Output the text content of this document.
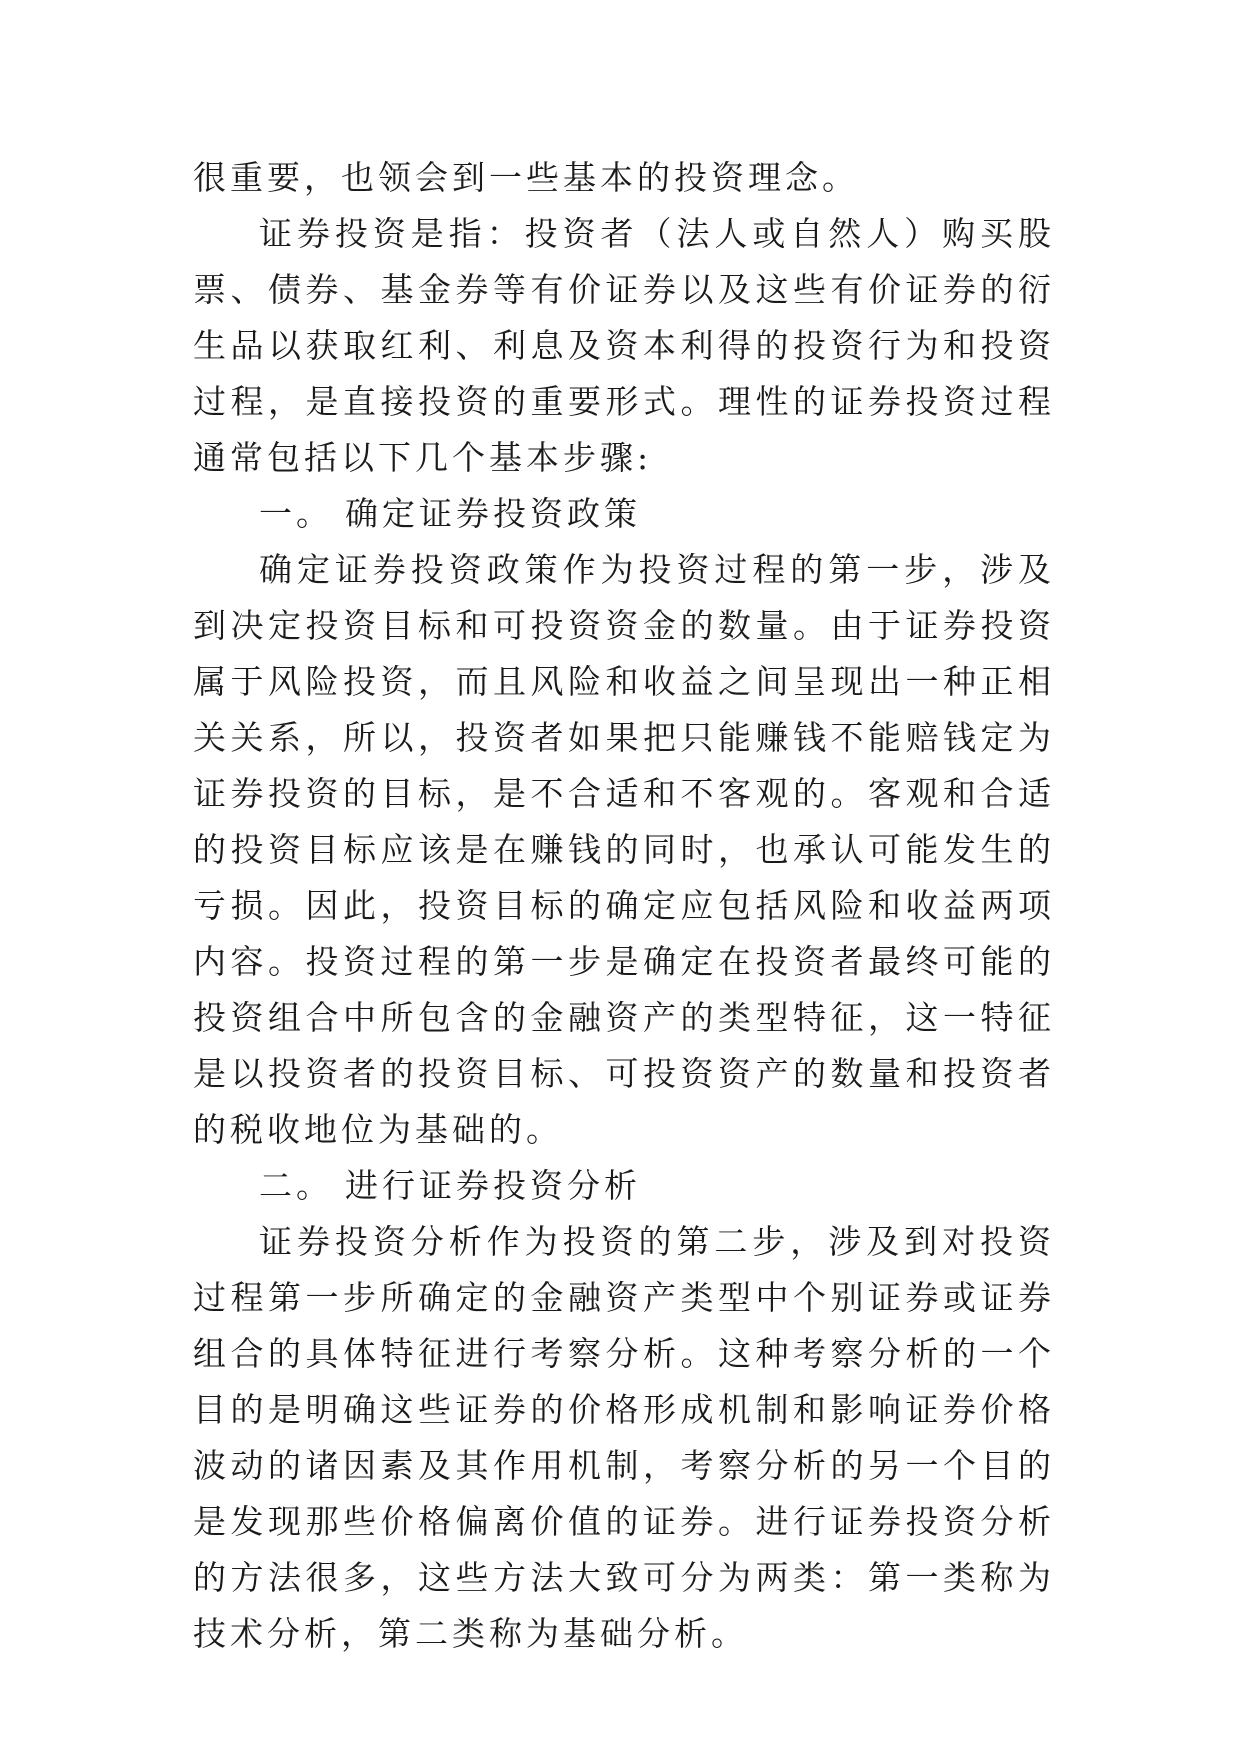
很重要，也领会到一些基本的投资理念。

证券投资是指：投资者（法人或自然人）购买股票、债券、基金券等有价证券以及这些有价证券的衍生品以获取红利、利息及资本利得的投资行为和投资过程，是直接投资的重要形式。理性的证券投资过程通常包括以下几个基本步骤:

一。 确定证券投资政策

确定证券投资政策作为投资过程的第一步，涉及到决定投资目标和可投资资金的数量。由于证券投资属于风险投资，而且风险和收益之间呈现出一种正相关关系，所以，投资者如果把只能赚钱不能赔钱定为证券投资的目标，是不合适和不客观的。客观和合适的投资目标应该是在赚钱的同时，也承认可能发生的亏损。因此，投资目标的确定应包括风险和收益两项内容。投资过程的第一步是确定在投资者最终可能的投资组合中所包含的金融资产的类型特征，这一特征是以投资者的投资目标、可投资资产的数量和投资者的税收地位为基础的。

二。 进行证券投资分析

证券投资分析作为投资的第二步，涉及到对投资过程第一步所确定的金融资产类型中个别证券或证券组合的具体特征进行考察分析。这种考察分析的一个目的是明确这些证券的价格形成机制和影响证券价格波动的诸因素及其作用机制，考察分析的另一个目的是发现那些价格偏离价值的证券。进行证券投资分析的方法很多，这些方法大致可分为两类：第一类称为技术分析，第二类称为基础分析。
